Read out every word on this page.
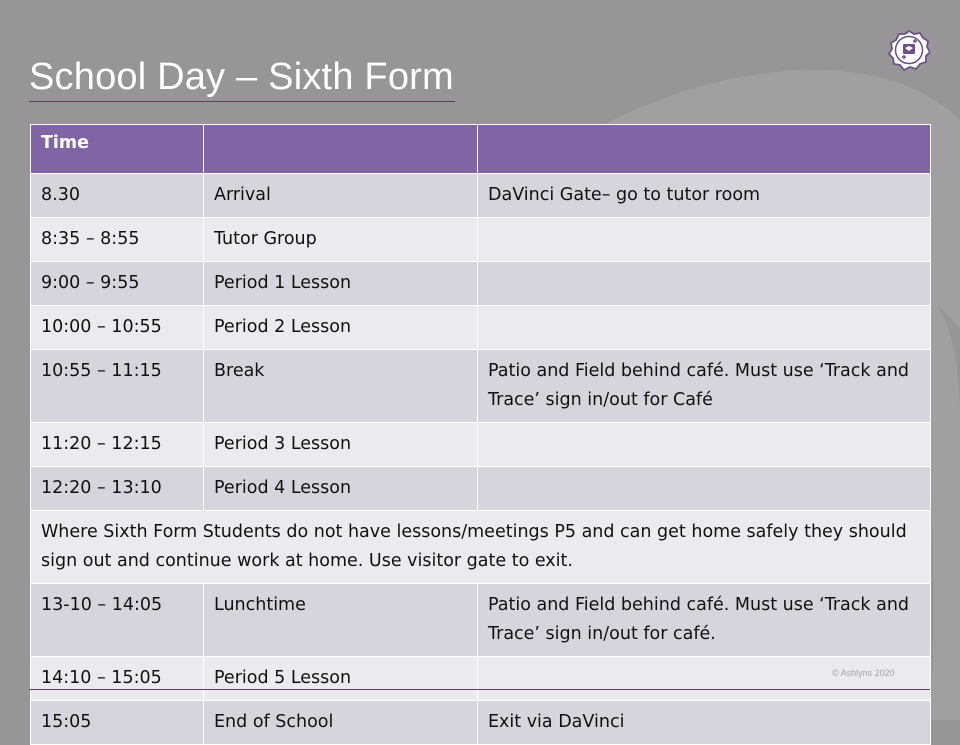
School Day – Sixth Form
Time		
8.30	Arrival	DaVinci Gate– go to tutor room
8:35 – 8:55	Tutor Group	
9:00 – 9:55	Period 1 Lesson	
10:00 – 10:55	Period 2 Lesson	
10:55 – 11:15	Break	Patio and Field behind café. Must use ‘Track and Trace’ sign in/out for Café
11:20 – 12:15	Period 3 Lesson	
12:20 – 13:10	Period 4 Lesson	
Where Sixth Form Students do not have lessons/meetings P5 and can get home safely they should sign out and continue work at home. Use visitor gate to exit.		
13-10 – 14:05	Lunchtime	Patio and Field behind café. Must use ‘Track and Trace’ sign in/out for café.
14:10 – 15:05	Period 5 Lesson	
15:05	End of School	Exit via DaVinci
© Ashlyns 2020
